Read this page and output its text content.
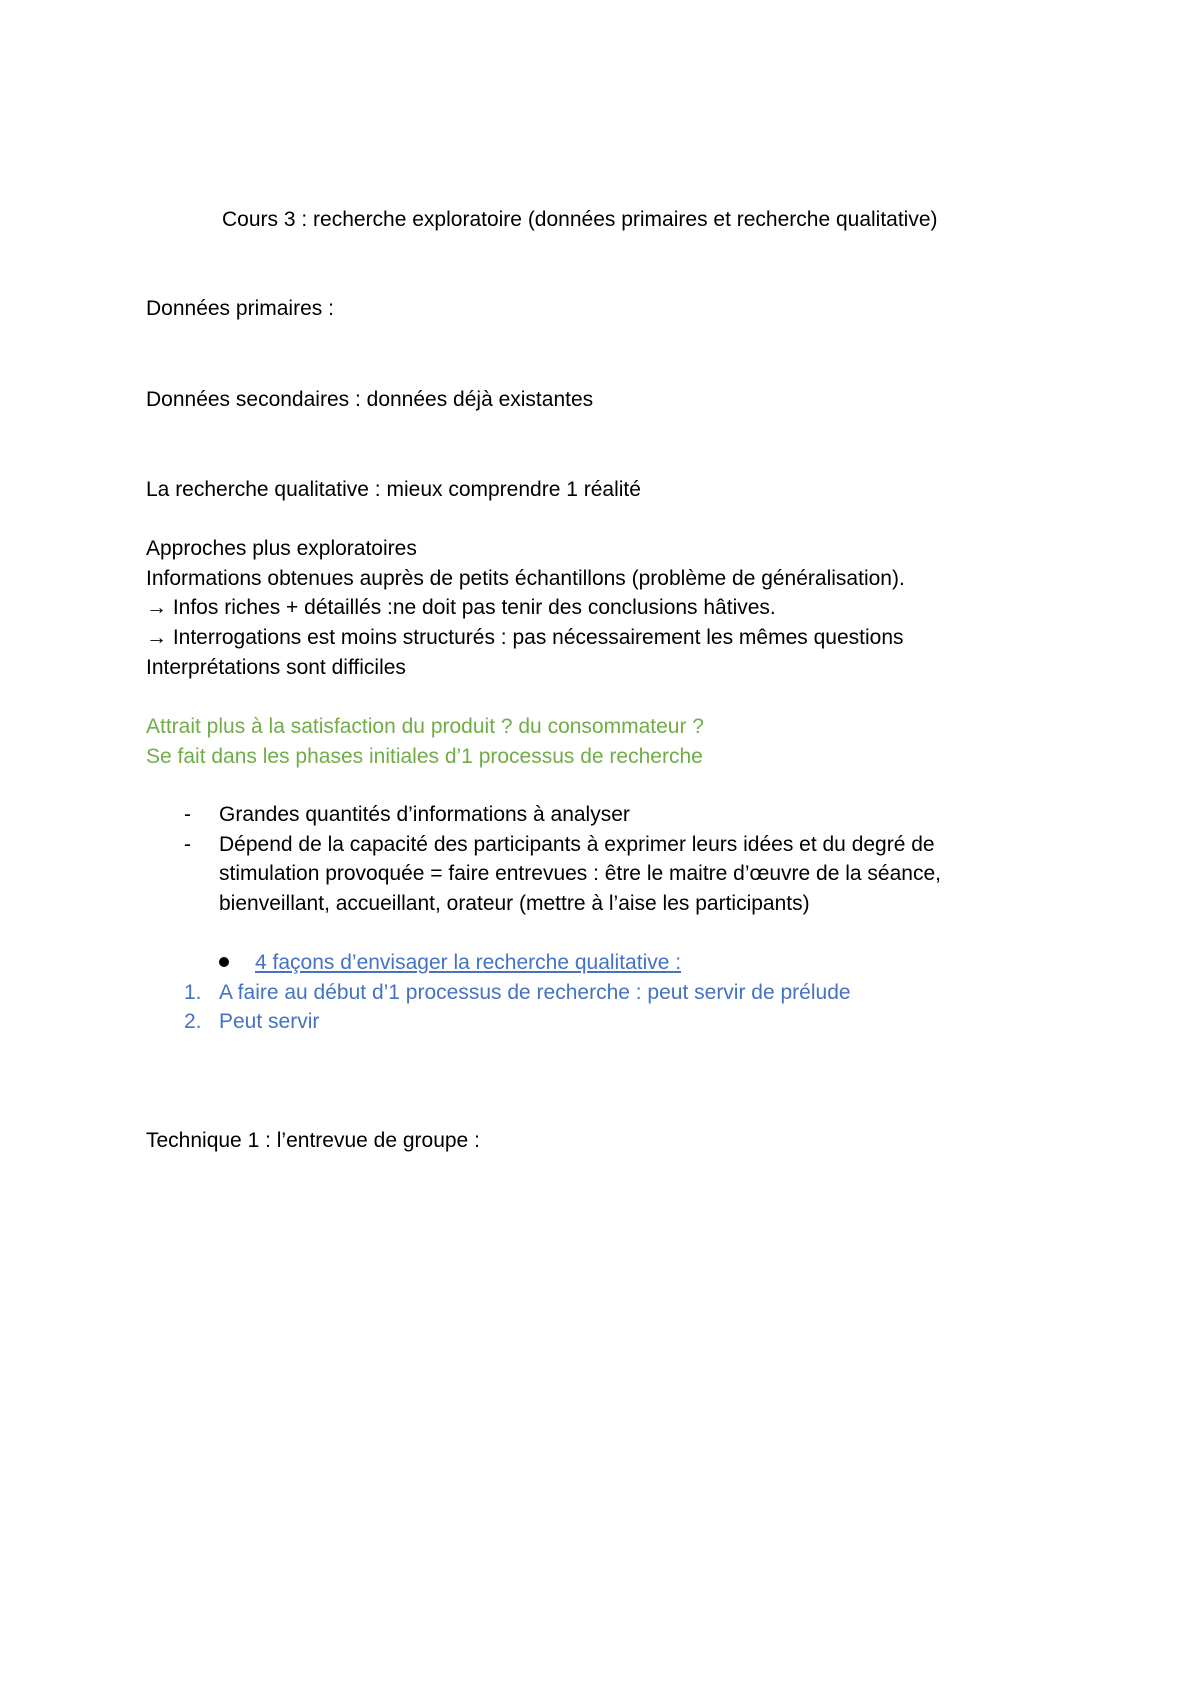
Cours 3 : recherche exploratoire (données primaires et recherche qualitative)
Données primaires :
Données secondaires : données déjà existantes
La recherche qualitative : mieux comprendre 1 réalité
Approches plus exploratoires
Informations obtenues auprès de petits échantillons (problème de généralisation).
→ Infos riches + détaillés :ne doit pas tenir des conclusions hâtives.
→ Interrogations est moins structurés : pas nécessairement les mêmes questions
Interprétations sont difficiles
Attrait plus à la satisfaction du produit ? du consommateur ?
Se fait dans les phases initiales d’1 processus de recherche
- Grandes quantités d’informations à analyser
- Dépend de la capacité des participants à exprimer leurs idées et du degré de
stimulation provoquée = faire entrevues : être le maitre d’œuvre de la séance,
bienveillant, accueillant, orateur (mettre à l’aise les participants)
4 façons d’envisager la recherche qualitative :
1. A faire au début d’1 processus de recherche : peut servir de prélude
2. Peut servir
Technique 1 : l’entrevue de groupe :
